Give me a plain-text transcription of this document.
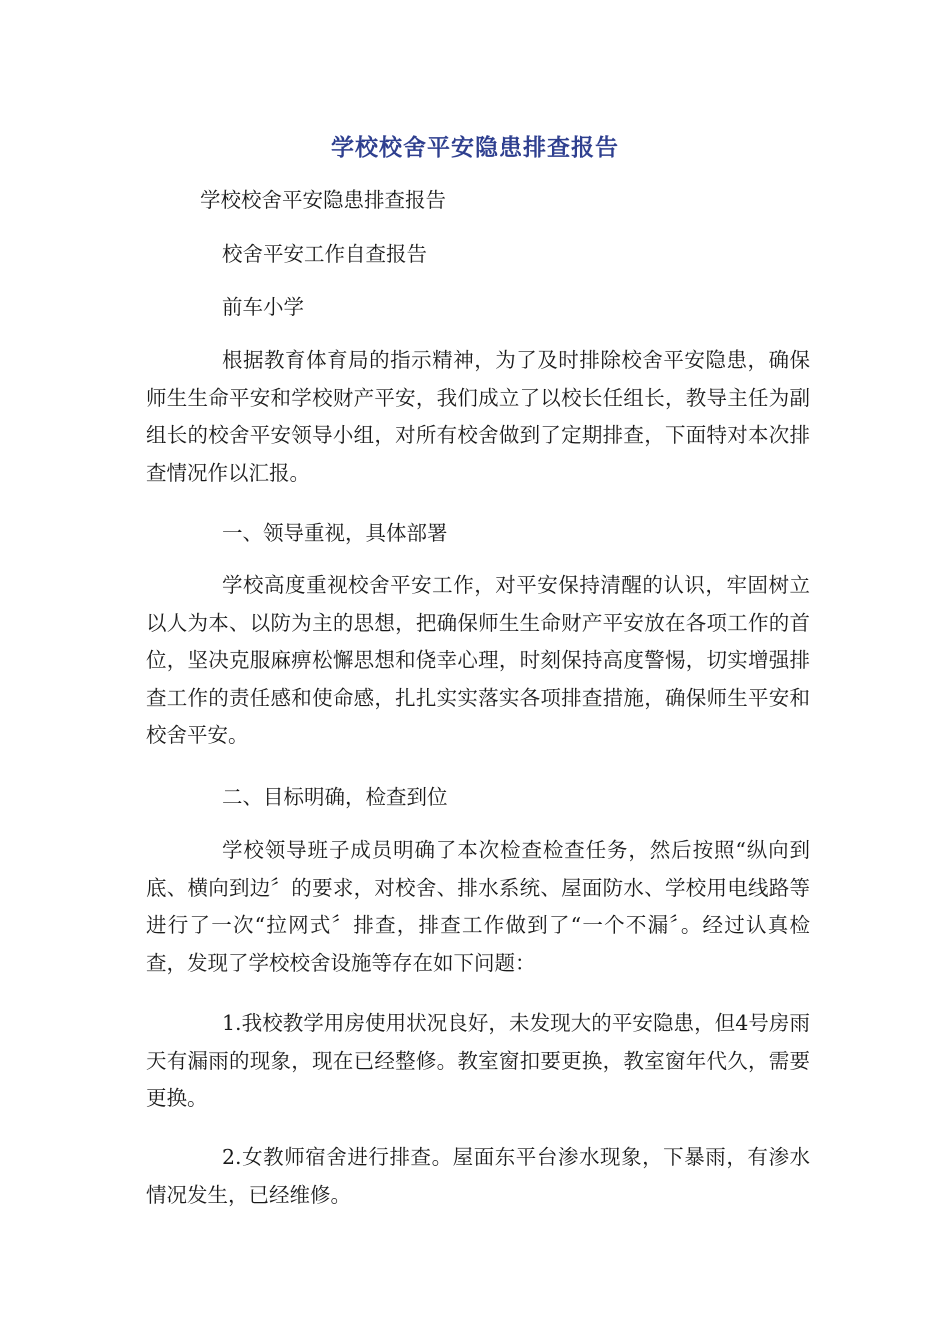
学校校舍平安隐患排查报告
学校校舍平安隐患排查报告
校舍平安工作自查报告
前车小学
根据教育体育局的指示精神，为了及时排除校舍平安隐患，确保师生生命平安和学校财产平安，我们成立了以校长任组长，教导主任为副组长的校舍平安领导小组，对所有校舍做到了定期排查，下面特对本次排查情况作以汇报。
一、领导重视，具体部署
学校高度重视校舍平安工作，对平安保持清醒的认识，牢固树立以人为本、以防为主的思想，把确保师生生命财产平安放在各项工作的首位，坚决克服麻痹松懈思想和侥幸心理，时刻保持高度警惕，切实增强排查工作的责任感和使命感，扎扎实实落实各项排查措施，确保师生平安和校舍平安。
二、目标明确，检查到位
学校领导班子成员明确了本次检查检查任务，然后按照“纵向到底、横向到边〞的要求，对校舍、排水系统、屋面防水、学校用电线路等进行了一次“拉网式〞排查，排查工作做到了“一个不漏〞。经过认真检查，发现了学校校舍设施等存在如下问题：
1.我校教学用房使用状况良好，未发现大的平安隐患，但4号房雨天有漏雨的现象，现在已经整修。教室窗扣要更换，教室窗年代久，需要更换。
2.女教师宿舍进行排查。屋面东平台渗水现象，下暴雨，有渗水情况发生，已经维修。
